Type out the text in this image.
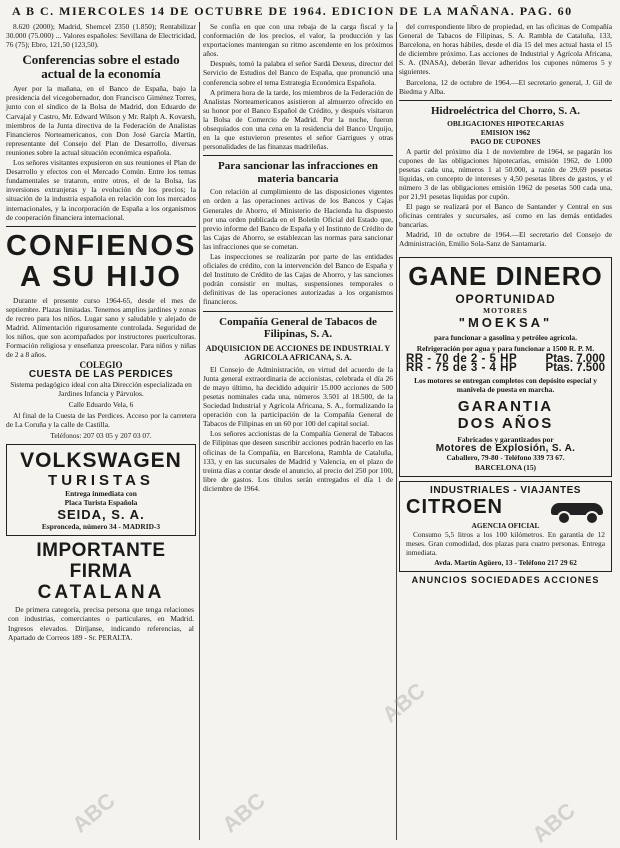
A B C. MIERCOLES 14 DE OCTUBRE DE 1964. EDICION DE LA MAÑANA. PAG. 60

8.620 (2000); Madrid, Shemcel 2350 (1.850); Rentabilizar 30.000 (75.000) ... Valores españoles: Sevillana de Electricidad, 76 (75); Ebro, 121,50 (123,50).

Conferencias sobre el estado actual de la economía

Ayer por la mañana, en el Banco de España, bajo la presidencia del vicegobernador, don Francisco Giménez Torres, junto con el síndico de la Bolsa de Madrid, don Eduardo de Carvajal y Castro, Mr. Edward Wilson y Mr. Ralph A. Kovarsh, miembros de la Junta directiva de la Federación de Analistas Financieros Norteamericanos, con Don José García Martín, representante del Consejo del Plan de Desarrollo, diversas reuniones sobre la actual situación económica española.

Los señores visitantes expusieron en sus reuniones el Plan de Desarrollo y efectos con el Mercado Común. Entre los temas fundamentales se trataron, entre otros, el de la Bolsa, las inversiones extranjeras y la evolución de los precios; la situación de la industria española en relación con los mercados internacionales, y la incorporación de España a los organismos de cooperación financiera internacional.

CONFIENOS
A SU HIJO

Durante el presente curso 1964-65, desde el mes de septiembre. Plazas limitadas. Tenemos amplios jardines y zonas de recreo para los niños. Lugar sano y saludable y alejado de Madrid. Alimentación rigurosamente controlada. Seguridad de los niños, que son acompañados por instructores puericultoras. Formación religiosa y enseñanza preescolar. Para niños y niñas de 2 a 8 años.

COLEGIO
CUESTA DE LAS PERDICES

Sistema pedagógico ideal con alta Dirección especializada en Jardines Infancia y Párvulos.

Calle Eduardo Vela, 6

Al final de la Cuesta de las Perdices. Acceso por la carretera de La Coruña y la calle de Castilla.

Teléfonos: 207 03 05 y 207 03 07.
VOLKSWAGEN
TURISTAS
Entrega inmediata con
Placa Turista Española
SEIDA, S. A.
Espronceda, número 34 - MADRID-3
IMPORTANTE FIRMA
CATALANA

De primera categoría, precisa persona que tenga relaciones con industrias, comerciantes o particulares, en Madrid. Ingresos elevados. Diríjanse, indicando referencias, al Apartado de Correos 189 - Sr. PERALTA.

Se confía en que con una rebaja de la carga fiscal y la conformación de los precios, el valor, la producción y las exportaciones mantengan su ritmo ascendente en los próximos años.

Después, tomó la palabra el señor Sardá Dexeus, director del Servicio de Estudios del Banco de España, que pronunció una conferencia sobre el tema Estrategia Económica Española.

A primera hora de la tarde, los miembros de la Federación de Analistas Norteamericanos asistieron al almuerzo ofrecido en su honor por el Banco Español de Crédito, y después visitaron la Bolsa de Comercio de Madrid. Por la noche, fueron obsequiados con una cena en la residencia del Banco Urquijo, en la que estuvieron presentes el señor Garrigues y otras personalidades de las finanzas madrileñas.

Para sancionar las infracciones en materia bancaria

Con relación al cumplimiento de las disposiciones vigentes en orden a las operaciones activas de los Bancos y Cajas Generales de Ahorro, el Ministerio de Hacienda ha dispuesto por una orden publicada en el Boletín Oficial del Estado que, previo informe del Banco de España y el Instituto de Crédito de las Cajas de Ahorro, se establezcan las normas para sancionar las infracciones que se cometan.

Las inspecciones se realizarán por parte de las entidades oficiales de crédito, con la intervención del Banco de España y del Instituto de Crédito de las Cajas de Ahorro, y las sanciones podrán consistir en multas, suspensiones temporales o definitivas de las operaciones autorizadas a los organismos financieros.

Compañía General de Tabacos de Filipinas, S. A.
ADQUISICION DE ACCIONES DE INDUSTRIAL Y AGRICOLA AFRICANA, S. A.

El Consejo de Administración, en virtud del acuerdo de la Junta general extraordinaria de accionistas, celebrada el día 26 de mayo último, ha decidido adquirir 15.000 acciones de 500 pesetas nominales cada una, números 3.501 al 18.500, de la Sociedad Industrial y Agrícola Africana, S. A., formalizando la operación con la participación de la Compañía General de Tabacos de Filipinas en un 60 por 100 del capital social.

Los señores accionistas de la Compañía General de Tabacos de Filipinas que deseen suscribir acciones podrán hacerlo en las oficinas de la Compañía, en Barcelona, Rambla de Cataluña, 133, y en las sucursales de Madrid y Valencia, en el plazo de treinta días a contar desde el anuncio, al precio del 250 por 100, libre de gastos. Los títulos serán entregados el día 1 de diciembre de 1964.

del correspondiente libro de propiedad, en las oficinas de Compañía General de Tabacos de Filipinas, S. A. Rambla de Cataluña, 133, Barcelona, en horas hábiles, desde el día 15 del mes actual hasta el 15 de diciembre próximo. Las acciones de Industrial y Agrícola Africana, S. A. (INASA), deberán llevar adheridos los cupones números 5 y siguientes.

Barcelona, 12 de octubre de 1964.—El secretario general, J. Gil de Biedma y Alba.

Hidroeléctrica del Chorro, S. A.
OBLIGACIONES HIPOTECARIAS
EMISION 1962
PAGO DE CUPONES

A partir del próximo día 1 de noviembre de 1964, se pagarán los cupones de las obligaciones hipotecarias, emisión 1962, de 1.000 pesetas cada una, números 1 al 50.000, a razón de 29,69 pesetas líquidas, en concepto de intereses y 4,50 pesetas libres de gastos, y el número 3 de las obligaciones emisión 1962 de pesetas 500 cada una, por 21,91 pesetas líquidas por cupón.

El pago se realizará por el Banco de Santander y Central en sus oficinas centrales y sucursales, así como en las demás entidades bancarias.

Madrid, 10 de octubre de 1964.—El secretario del Consejo de Administración, Emilio Sola-Sanz de Santamaría.

GANE DINERO
OPORTUNIDAD
MOTORES
"MOEKSA"
para funcionar a gasolina y petróleo agrícola.
Refrigeración por agua y para funcionar a 1500 R. P. M.
RR - 70 de 2 - 5 HP Ptas. 7.000
RR - 75 de 3 - 4 HP Ptas. 7.500
Los motores se entregan completos con depósito especial y manivela de puesta en marcha.
GARANTIA
DOS AÑOS
Fabricados y garantizados por
Motores de Explosión, S. A.
Caballero, 79-80 - Teléfono 339 73 67.
BARCELONA (15)
INDUSTRIALES - VIAJANTES
CITROEN
AGENCIA OFICIAL

Consumo 5,5 litros a los 100 kilómetros. En garantía de 12 meses. Gran comodidad, dos plazas para cuatro personas. Entrega inmediata.

Avda. Martín Agüero, 13 - Teléfono 217 29 62
ANUNCIOS SOCIEDADES ACCIONES
ABC	ABC
ABC
ABC
